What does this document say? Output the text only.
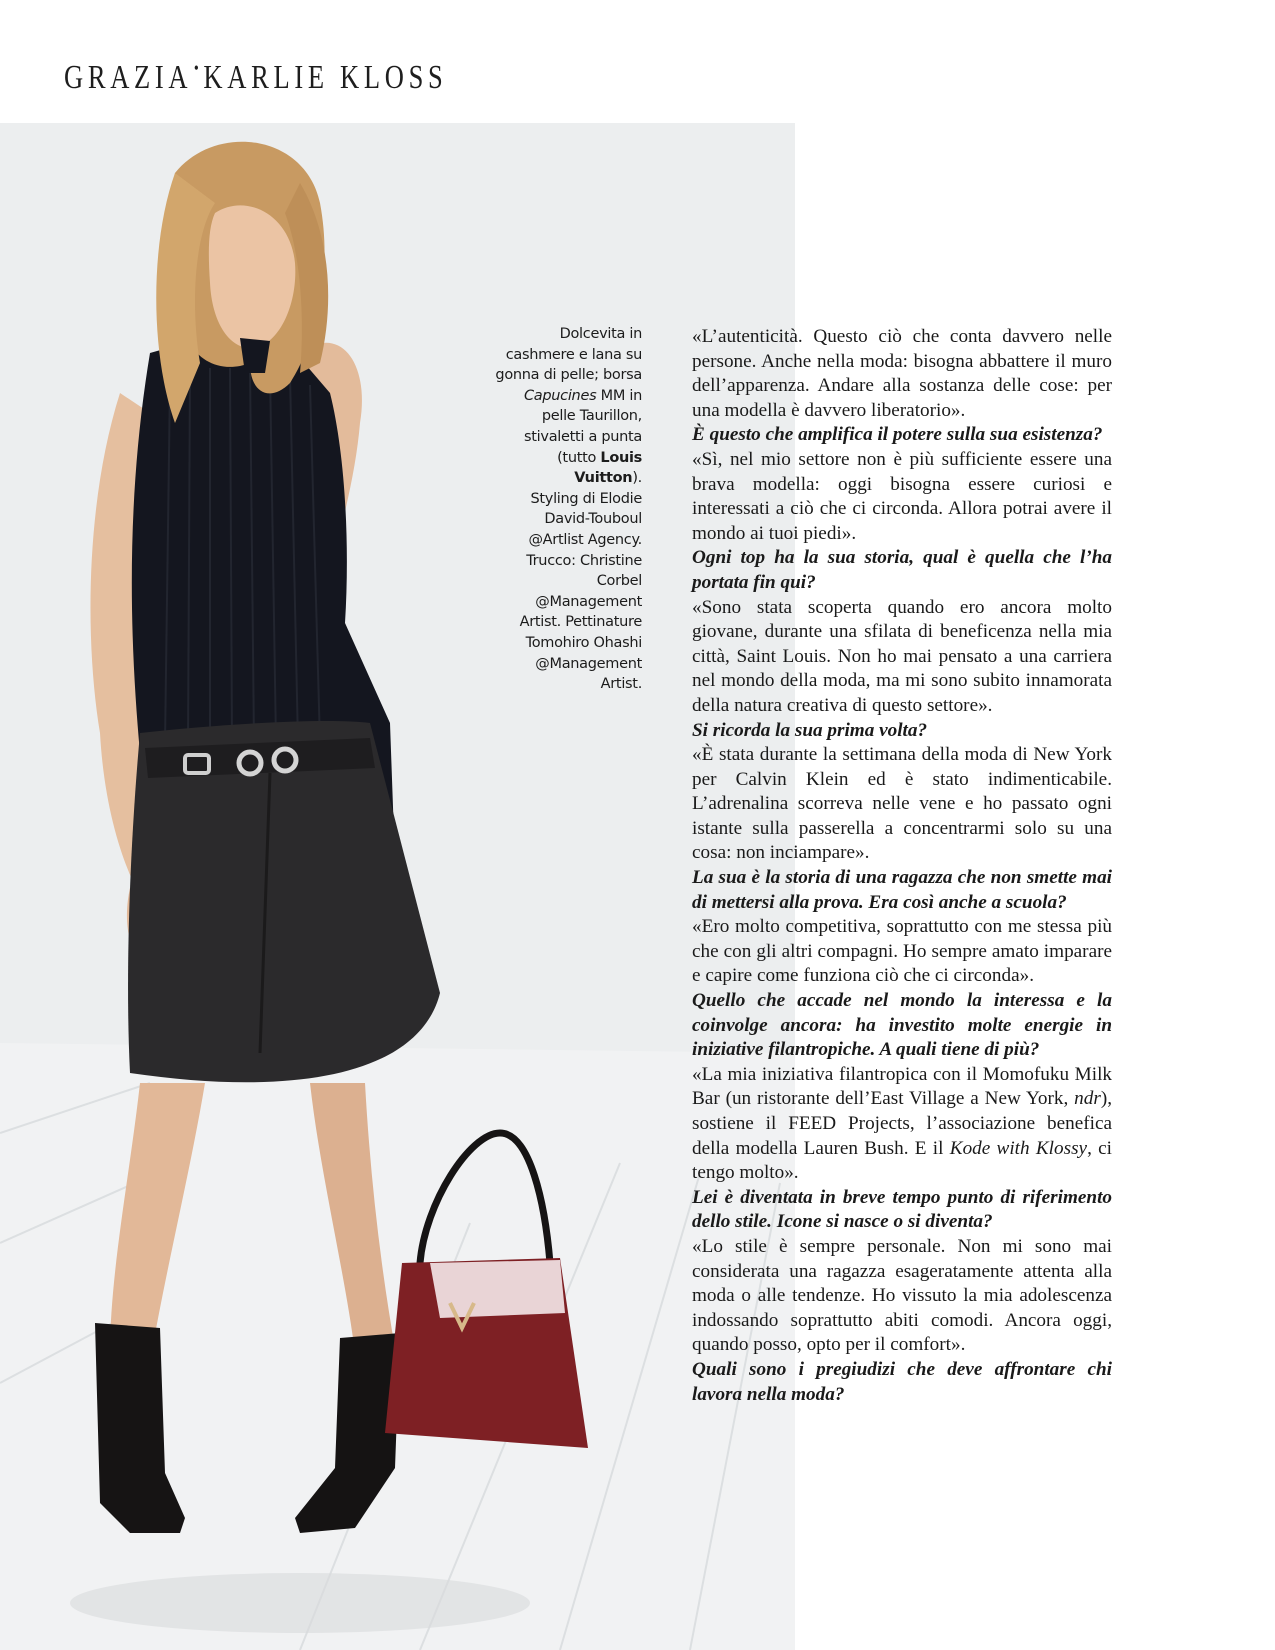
GRAZIA• KARLIE KLOSS
Dolcevita in
cashmere e lana su
gonna di pelle; borsa
Capucines MM in
pelle Taurillon,
stivaletti a punta
(tutto Louis
Vuitton).
Styling di Elodie
David-Touboul
@Artlist Agency.
Trucco: Christine
Corbel
@Management
Artist. Pettinature
Tomohiro Ohashi
@Management
Artist.

«L’autenticità. Questo ciò che conta davvero nelle persone. Anche nella moda: bisogna abbattere il muro dell’apparenza. Andare alla sostanza delle cose: per una modella è davvero liberatorio».

È questo che amplifica il potere sulla sua esistenza?

«Sì, nel mio settore non è più sufficiente essere una brava modella: oggi bisogna essere curiosi e interessati a ciò che ci circonda. Allora potrai avere il mondo ai tuoi piedi».

Ogni top ha la sua storia, qual è quella che l’ha portata fin qui?

«Sono stata scoperta quando ero ancora molto giovane, durante una sfilata di beneficenza nella mia città, Saint Louis. Non ho mai pensato a una carriera nel mondo della moda, ma mi sono subito innamorata della natura creativa di questo settore».

Si ricorda la sua prima volta?

«È stata durante la settimana della moda di New York per Calvin Klein ed è stato indimenticabile. L’adrenalina scorreva nelle vene e ho passato ogni istante sulla passerella a concentrarmi solo su una cosa: non inciampare».

La sua è la storia di una ragazza che non smette mai di mettersi alla prova. Era così anche a scuola?

«Ero molto competitiva, soprattutto con me stessa più che con gli altri compagni. Ho sempre amato imparare e capire come funziona ciò che ci circonda».

Quello che accade nel mondo la interessa e la coinvolge ancora: ha investito molte energie in iniziative filantropiche. A quali tiene di più?

«La mia iniziativa filantropica con il Momofuku Milk Bar (un ristorante dell’East Village a New York, ndr), sostiene il FEED Projects, l’associazione benefica della modella Lauren Bush. E il Kode with Klossy, ci tengo molto».

Lei è diventata in breve tempo punto di riferimento dello stile. Icone si nasce o si diventa?

«Lo stile è sempre personale. Non mi sono mai considerata una ragazza esageratamente attenta alla moda o alle tendenze. Ho vissuto la mia adolescenza indossando soprattutto abiti comodi. Ancora oggi, quando posso, opto per il comfort».

Quali sono i pregiudizi che deve affrontare chi lavora nella moda?
